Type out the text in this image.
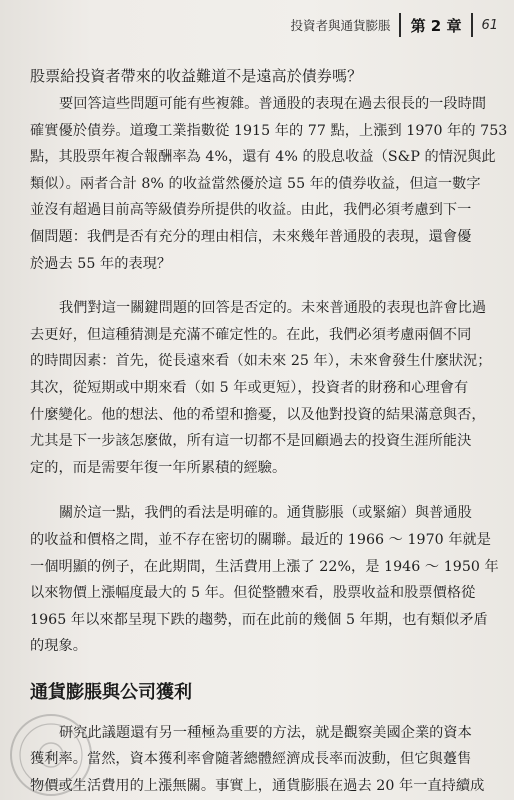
投資者與通貨膨脹 第 2 章 61

股票給投資者帶來的收益難道不是遠高於債券嗎？

要回答這些問題可能有些複雜。普通股的表現在過去很長的一段時間
確實優於債券。道瓊工業指數從 1915 年的 77 點，上漲到 1970 年的 753
點，其股票年複合報酬率為 4%，還有 4% 的股息收益（S&P 的情況與此
類似）。兩者合計 8% 的收益當然優於這 55 年的債券收益，但這一數字
並沒有超過目前高等級債券所提供的收益。由此，我們必須考慮到下一
個問題：我們是否有充分的理由相信，未來幾年普通股的表現，還會優
於過去 55 年的表現？

我們對這一關鍵問題的回答是否定的。未來普通股的表現也許會比過
去更好，但這種猜測是充滿不確定性的。在此，我們必須考慮兩個不同
的時間因素：首先，從長遠來看（如未來 25 年），未來會發生什麼狀況；
其次，從短期或中期來看（如 5 年或更短），投資者的財務和心理會有
什麼變化。他的想法、他的希望和擔憂，以及他對投資的結果滿意與否，
尤其是下一步該怎麼做，所有這一切都不是回顧過去的投資生涯所能決
定的，而是需要年復一年所累積的經驗。

關於這一點，我們的看法是明確的。通貨膨脹（或緊縮）與普通股
的收益和價格之間，並不存在密切的關聯。最近的 1966 ～ 1970 年就是
一個明顯的例子，在此期間，生活費用上漲了 22%，是 1946 ～ 1950 年
以來物價上漲幅度最大的 5 年。但從整體來看，股票收益和股票價格從
1965 年以來都呈現下跌的趨勢，而在此前的幾個 5 年期，也有類似矛盾
的現象。

通貨膨脹與公司獲利

研究此議題還有另一種極為重要的方法，就是觀察美國企業的資本
獲利率。當然，資本獲利率會隨著總體經濟成長率而波動，但它與躉售
物價或生活費用的上漲無關。事實上，通貨膨脹在過去 20 年一直持續成
